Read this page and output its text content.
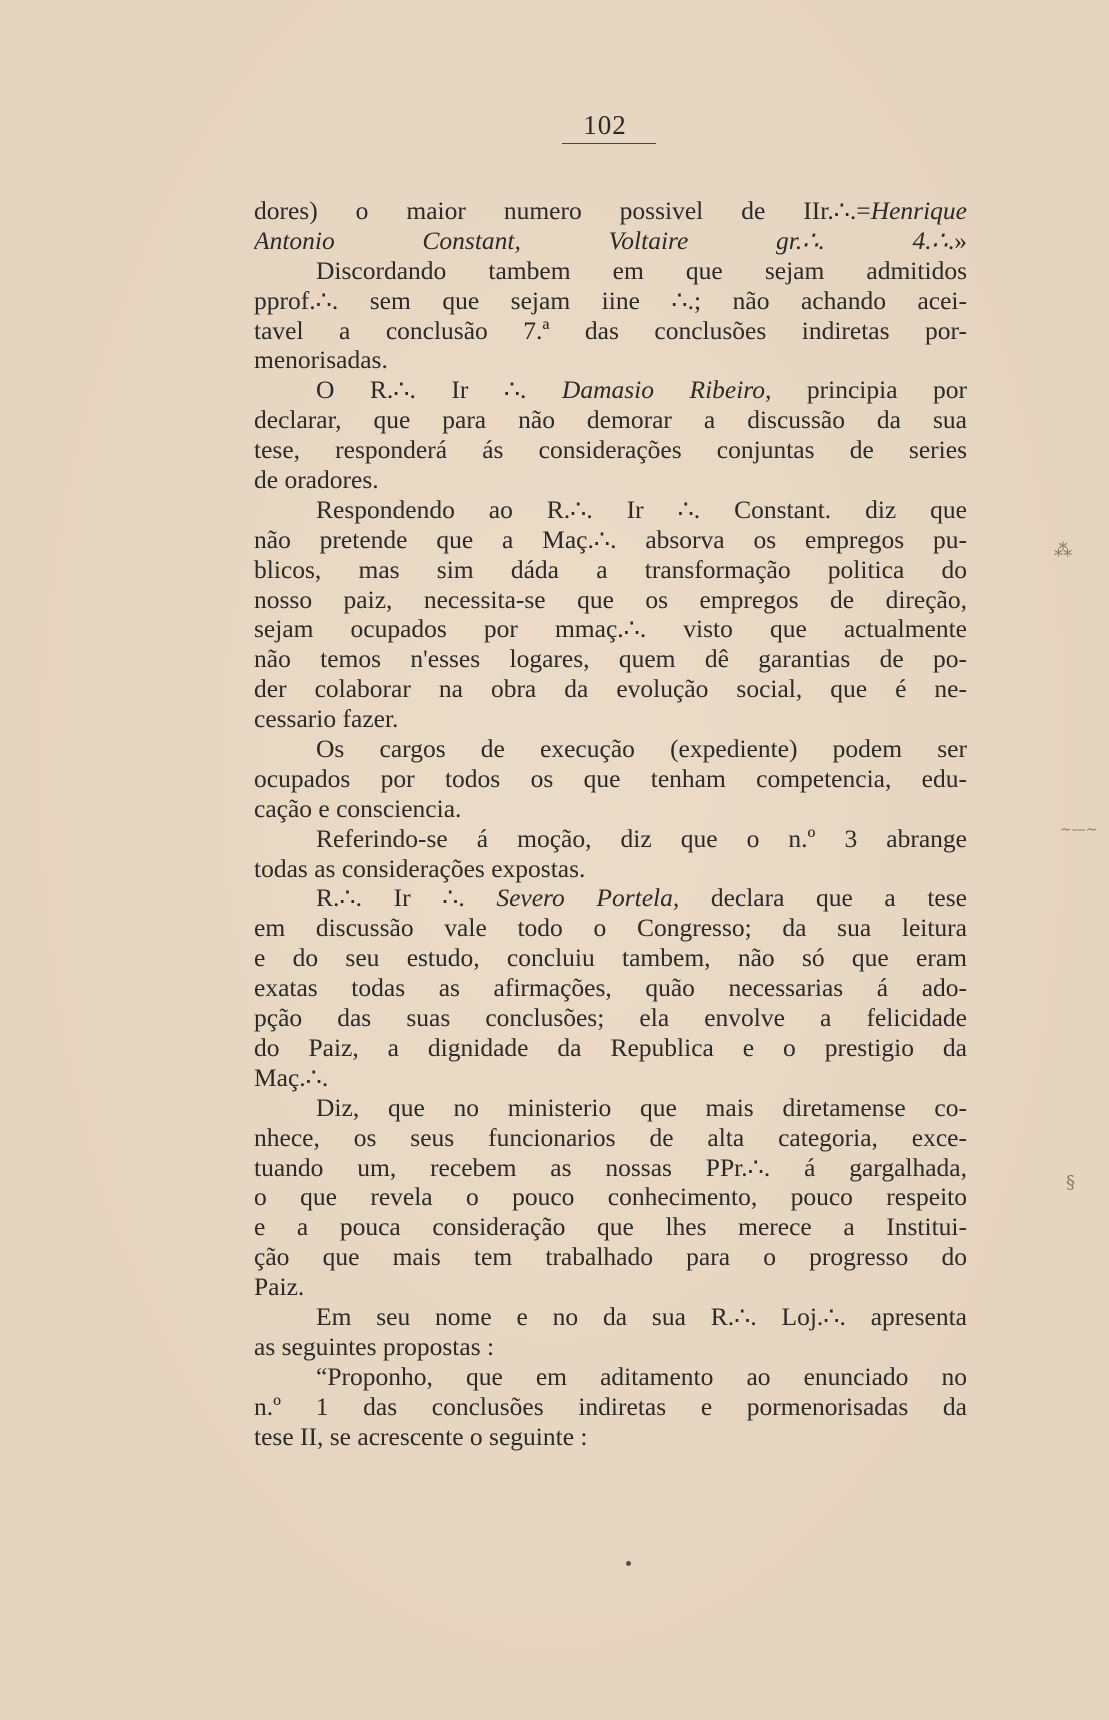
102
dores) o maior numero possivel de IIr.∴.=Henrique
Antonio Constant, Voltaire gr.∴. 4.∴.»
Discordando tambem em que sejam admitidos
pprof.∴. sem que sejam iine ∴.; não achando acei-
tavel a conclusão 7.ª das conclusões indiretas por-
menorisadas.
O R.∴. Ir ∴. Damasio Ribeiro, principia por
declarar, que para não demorar a discussão da sua
tese, responderá ás considerações conjuntas de series
de oradores.
Respondendo ao R.∴. Ir ∴. Constant. diz que
não pretende que a Maç.∴. absorva os empregos pu-
blicos, mas sim dáda a transformação politica do
nosso paiz, necessita-se que os empregos de direção,
sejam ocupados por mmaç.∴. visto que actualmente
não temos n'esses logares, quem dê garantias de po-
der colaborar na obra da evolução social, que é ne-
cessario fazer.
Os cargos de execução (expediente) podem ser
ocupados por todos os que tenham competencia, edu-
cação e consciencia.
Referindo-se á moção, diz que o n.º 3 abrange
todas as considerações expostas.
R.∴. Ir ∴. Severo Portela, declara que a tese
em discussão vale todo o Congresso; da sua leitura
e do seu estudo, concluiu tambem, não só que eram
exatas todas as afirmações, quão necessarias á ado-
pção das suas conclusões; ela envolve a felicidade
do Paiz, a dignidade da Republica e o prestigio da
Maç.∴.
Diz, que no ministerio que mais diretamense co-
nhece, os seus funcionarios de alta categoria, exce-
tuando um, recebem as nossas PPr.∴. á gargalhada,
o que revela o pouco conhecimento, pouco respeito
e a pouca consideração que lhes merece a Institui-
ção que mais tem trabalhado para o progresso do
Paiz.
Em seu nome e no da sua R.∴. Loj.∴. apresenta
as seguintes propostas :
“Proponho, que em aditamento ao enunciado no
n.º 1 das conclusões indiretas e pormenorisadas da
tese II, se acrescente o seguinte :
⁂
~—~
§
